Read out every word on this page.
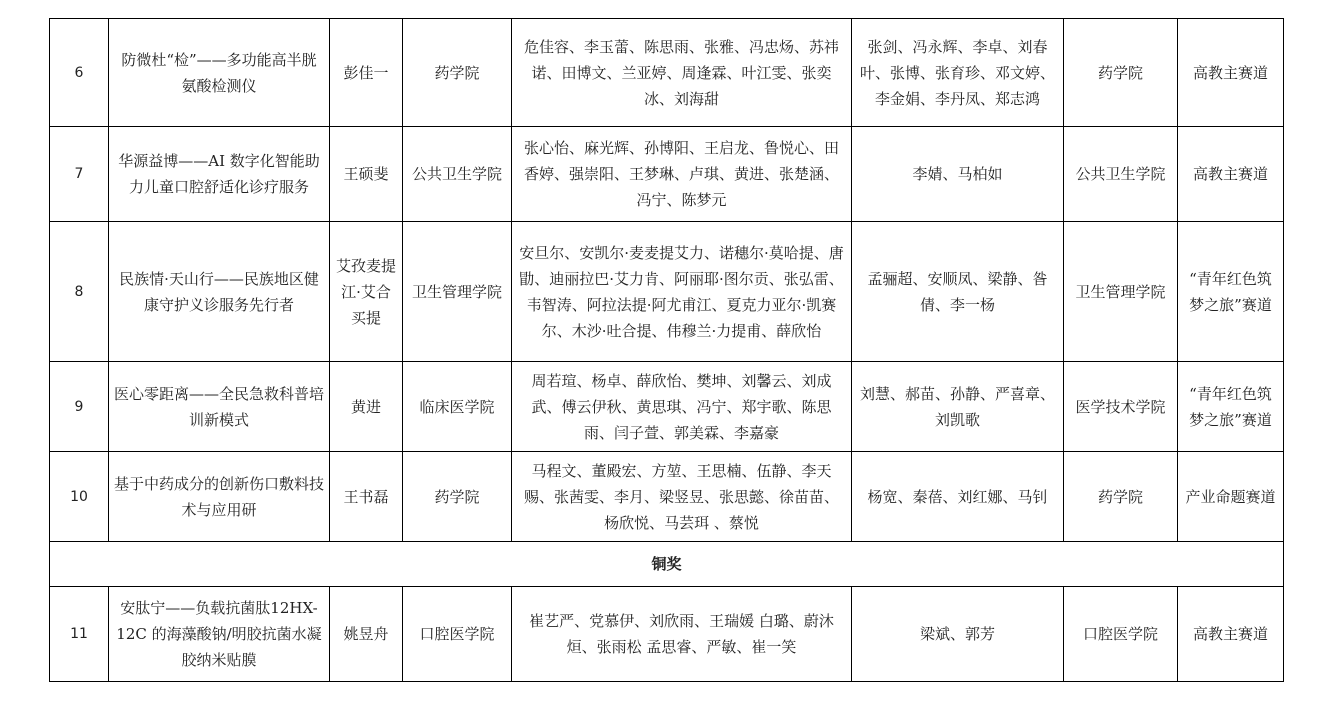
6	防微杜“检”——多功能高半胱氨酸检测仪	彭佳一	药学院	危佳容、李玉蕾、陈思雨、张雅、冯忠炀、苏祎诺、田博文、兰亚婷、周逢霖、叶江雯、张奕冰、刘海甜	张剑、冯永辉、李卓、刘春叶、张博、张育珍、邓文婷、李金娟、李丹凤、郑志鸿	药学院	高教主赛道
7	华源益博——AI 数字化智能助力儿童口腔舒适化诊疗服务	王硕斐	公共卫生学院	张心怡、麻光辉、孙博阳、王启龙、鲁悦心、田香婷、强崇阳、王梦琳、卢琪、黄进、张楚涵、冯宁、陈梦元	李婧、马柏如	公共卫生学院	高教主赛道
8	民族情·天山行——民族地区健康守护义诊服务先行者	艾孜麦提江·艾合买提	卫生管理学院	安旦尔、安凯尔·麦麦提艾力、诺穗尔·莫哈提、唐勖、迪丽拉巴·艾力肯、阿丽耶·图尔贡、张弘雷、韦智涛、阿拉法提·阿尤甫江、夏克力亚尔·凯赛尔、木沙·吐合提、伟穆兰·力提甫、薛欣怡	孟骊超、安顺凤、梁静、昝倩、李一杨	卫生管理学院	“青年红色筑梦之旅”赛道
9	医心零距离——全民急救科普培训新模式	黄进	临床医学院	周若瑄、杨卓、薛欣怡、樊坤、刘馨云、刘成武、傅云伊秋、黄思琪、冯宁、郑宇歌、陈思雨、闫子萱、郭美霖、李嘉豪	刘慧、郝苗、孙静、严喜章、刘凯歌	医学技术学院	“青年红色筑梦之旅”赛道
10	基于中药成分的创新伤口敷料技术与应用研	王书磊	药学院	马程文、董殿宏、方堃、王思楠、伍静、李天赐、张茜雯、李月、梁竖昱、张思懿、徐苗苗、杨欣悦、马芸珥 、蔡悦	杨宽、秦蓓、刘红娜、马钊	药学院	产业命题赛道
铜奖							
11	安肽宁——负载抗菌肽12HX-12C 的海藻酸钠/明胶抗菌水凝胶纳米贴膜	姚昱舟	口腔医学院	崔艺严、党慕伊、刘欣雨、王瑞媛 白璐、蔚沐烜、张雨松 孟思睿、严敏、崔一笑	梁斌、郭芳	口腔医学院	高教主赛道
